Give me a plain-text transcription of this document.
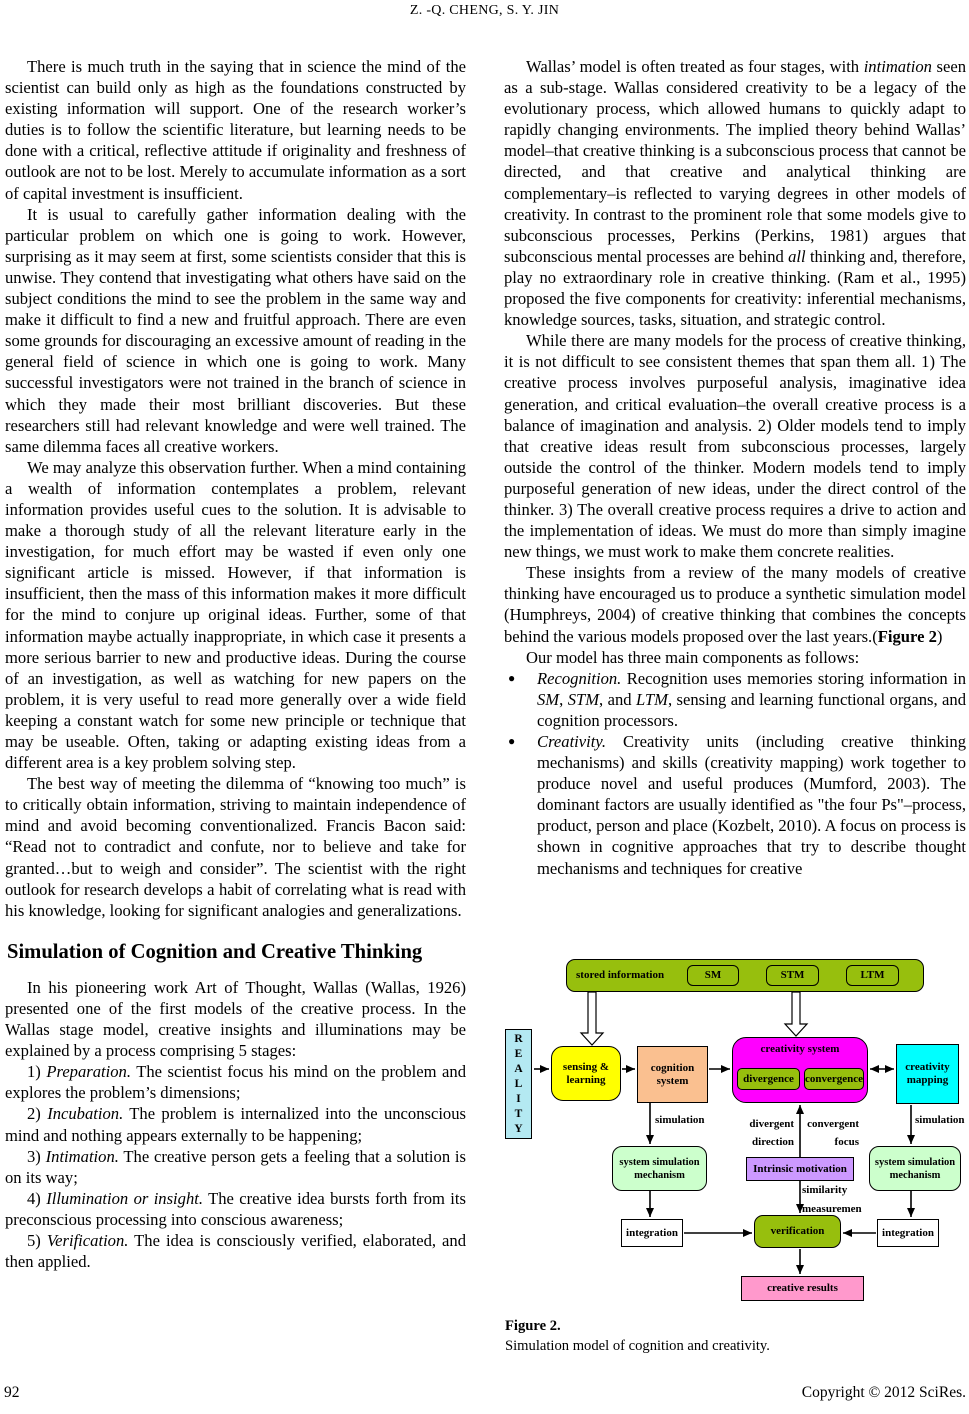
Z. -Q. CHENG, S. Y. JIN

There is much truth in the saying that in science the mind of the scientist can build only as high as the foundations constructed by existing information will support. One of the research worker’s duties is to follow the scientific literature, but learning needs to be done with a critical, reflective attitude if originality and freshness of outlook are not to be lost. Merely to accumulate information as a sort of capital investment is insufficient.

It is usual to carefully gather information dealing with the particular problem on which one is going to work. However, surprising as it may seem at first, some scientists consider that this is unwise. They contend that investigating what others have said on the subject conditions the mind to see the problem in the same way and make it difficult to find a new and fruitful approach. There are even some grounds for discouraging an excessive amount of reading in the general field of science in which one is going to work. Many successful investigators were not trained in the branch of science in which they made their most brilliant discoveries. But these researchers still had relevant knowledge and were well trained. The same dilemma faces all creative workers.

We may analyze this observation further. When a mind containing a wealth of information contemplates a problem, relevant information provides useful cues to the solution. It is advisable to make a thorough study of all the relevant literature early in the investigation, for much effort may be wasted if even only one significant article is missed. However, if that information is insufficient, then the mass of this information makes it more difficult for the mind to conjure up original ideas. Further, some of that information maybe actually inappropriate, in which case it presents a more serious barrier to new and productive ideas. During the course of an investigation, as well as watching for new papers on the problem, it is very useful to read more generally over a wide field keeping a constant watch for some new principle or technique that may be useable. Often, taking or adapting existing ideas from a different area is a key problem solving step.

The best way of meeting the dilemma of “knowing too much” is to critically obtain information, striving to maintain independence of mind and avoid becoming conventionalized. Francis Bacon said: “Read not to contradict and confute, nor to believe and take for granted…but to weigh and consider”. The scientist with the right outlook for research develops a habit of correlating what is read with his knowledge, looking for significant analogies and generalizations.

Simulation of Cognition and Creative Thinking

In his pioneering work Art of Thought, Wallas (Wallas, 1926) presented one of the first models of the creative process. In the Wallas stage model, creative insights and illuminations may be explained by a process comprising 5 stages:

1) Preparation. The scientist focus his mind on the problem and explores the problem’s dimensions;

2) Incubation. The problem is internalized into the unconscious mind and nothing appears externally to be happening;

3) Intimation. The creative person gets a feeling that a solution is on its way;

4) Illumination or insight. The creative idea bursts forth from its preconscious processing into conscious awareness;

5) Verification. The idea is consciously verified, elaborated, and then applied.

Wallas’ model is often treated as four stages, with intimation seen as a sub-stage. Wallas considered creativity to be a legacy of the evolutionary process, which allowed humans to quickly adapt to rapidly changing environments. The implied theory behind Wallas’ model–that creative thinking is a subconscious process that cannot be directed, and that creative and analytical thinking are complementary–is reflected to varying degrees in other models of creativity. In contrast to the prominent role that some models give to subconscious processes, Perkins (Perkins, 1981) argues that subconscious mental processes are behind all thinking and, therefore, play no extraordinary role in creative thinking. (Ram et al., 1995) proposed the five components for creativity: inferential mechanisms, knowledge sources, tasks, situation, and strategic control.

While there are many models for the process of creative thinking, it is not difficult to see consistent themes that span them all. 1) The creative process involves purposeful analysis, imaginative idea generation, and critical evaluation–the overall creative process is a balance of imagination and analysis. 2) Older models tend to imply that creative ideas result from subconscious processes, largely outside the control of the thinker. Modern models tend to imply purposeful generation of new ideas, under the direct control of the thinker. 3) The overall creative process requires a drive to action and the implementation of ideas. We must do more than simply imagine new things, we must work to make them concrete realities.

These insights from a review of the many models of creative thinking have encouraged us to produce a synthetic simulation model (Humphreys, 2004) of creative thinking that combines the concepts behind the various models proposed over the last years.(Figure 2)

Our model has three main components as follows:

●	Recognition. Recognition uses memories storing information in SM, STM, and LTM, sensing and learning functional organs, and cognition processors.
●	Creativity. Creativity units (including creative thinking mechanisms) and skills (creativity mapping) work together to produce novel and useful produces (Mumford, 2003). The dominant factors are usually identified as "the four Ps"–process, product, person and place (Kozbelt, 2010). A focus on process is shown in cognitive approaches that try to describe thought mechanisms and techniques for creative
stored information	SM	STM	LTM
REALITY
sensing & learning
cognition system
creativity system
divergence	convergence
creativity mapping
simulation	simulation
divergent
direction
convergent
focus
system simulation mechanism
system simulation mechanism
Intrinsic motivation
similarity
measuremen
integration	integration
verification
creative results
Figure 2.
Simulation model of cognition and creativity.
92	Copyright © 2012 SciRes.
